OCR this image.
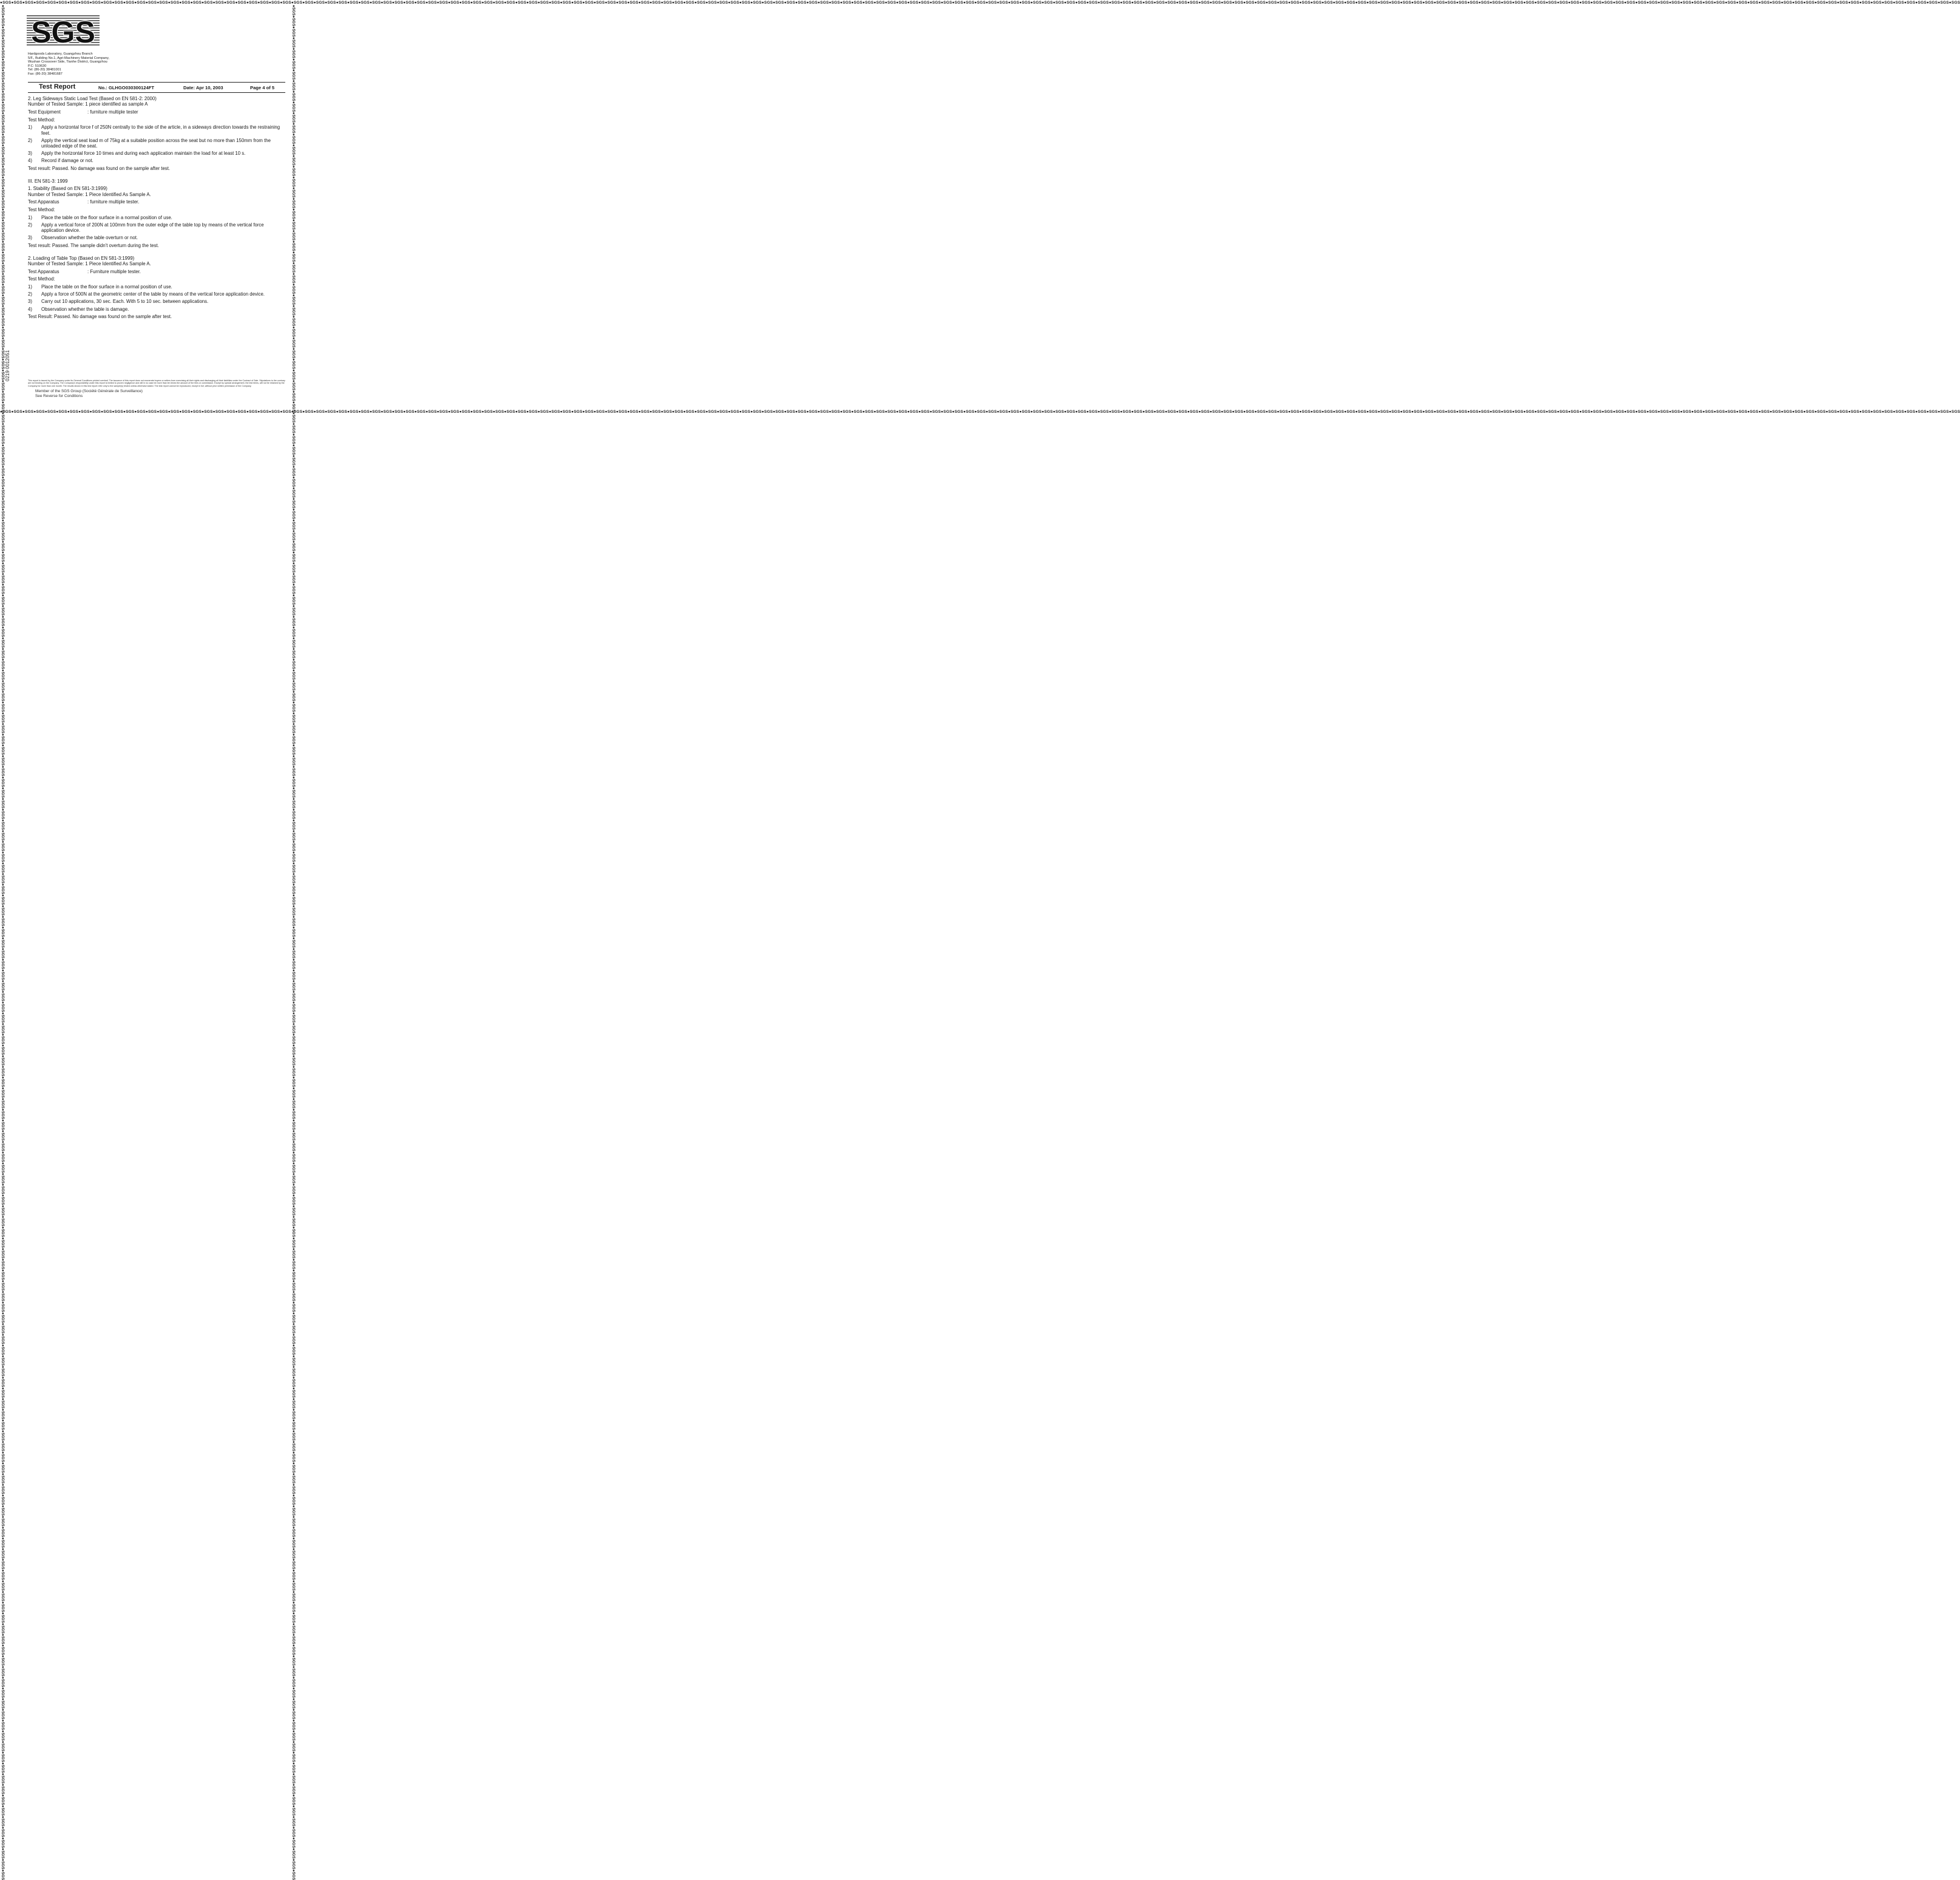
●SGS●SGS●SGS●SGS●SGS●SGS●SGS●SGS●SGS●SGS●SGS●SGS●SGS●SGS●SGS●SGS●SGS●SGS●SGS●SGS●SGS●SGS●SGS●SGS●SGS●SGS●SGS●SGS●SGS●SGS●SGS●SGS●SGS●SGS●SGS●SGS●SGS●SGS●SGS●SGS●SGS●SGS●SGS●SGS●SGS●SGS●SGS●SGS●SGS●SGS●SGS●SGS●SGS●SGS●SGS●SGS●SGS●SGS●SGS●SGS●SGS●SGS●SGS●SGS●SGS●SGS●SGS●SGS●SGS●SGS●SGS●SGS●SGS●SGS●SGS●SGS●SGS●SGS●SGS●SGS●SGS●SGS●SGS●SGS●SGS●SGS●SGS●SGS●SGS●SGS●SGS●SGS●SGS●SGS●SGS●SGS●SGS●SGS●SGS●SGS●SGS●SGS●SGS●SGS●SGS●SGS●SGS●SGS●SGS●SGS●SGS●SGS●SGS●SGS●SGS●SGS●SGS●SGS●SGS●SGS●SGS●SGS●SGS●SGS●SGS●SGS●SGS●SGS●SGS●SGS●SGS●SGS●SGS●SGS●SGS●SGS●SGS●SGS●SGS●SGS●SGS●SGS●SGS●SGS●SGS●SGS●SGS●SGS●SGS●SGS●SGS●SGS●SGS●SGS●SGS●SGS●SGS●SGS●SGS●SGS●SGS●SGS●SGS●SGS●SGS●SGS●SGS●SGS●SGS●SGS●SGS●SGS●SGS●SGS●SGS
●SGS●SGS●SGS●SGS●SGS●SGS●SGS●SGS●SGS●SGS●SGS●SGS●SGS●SGS●SGS●SGS●SGS●SGS●SGS●SGS●SGS●SGS●SGS●SGS●SGS●SGS●SGS●SGS●SGS●SGS●SGS●SGS●SGS●SGS●SGS●SGS●SGS●SGS●SGS●SGS●SGS●SGS●SGS●SGS●SGS●SGS●SGS●SGS●SGS●SGS●SGS●SGS●SGS●SGS●SGS●SGS●SGS●SGS●SGS●SGS●SGS●SGS●SGS●SGS●SGS●SGS●SGS●SGS●SGS●SGS●SGS●SGS●SGS●SGS●SGS●SGS●SGS●SGS●SGS●SGS●SGS●SGS●SGS●SGS●SGS●SGS●SGS●SGS●SGS●SGS●SGS●SGS●SGS●SGS●SGS●SGS●SGS●SGS●SGS●SGS●SGS●SGS●SGS●SGS●SGS●SGS●SGS●SGS●SGS●SGS●SGS●SGS●SGS●SGS●SGS●SGS●SGS●SGS●SGS●SGS●SGS●SGS●SGS●SGS●SGS●SGS●SGS●SGS●SGS●SGS●SGS●SGS●SGS●SGS●SGS●SGS●SGS●SGS●SGS●SGS●SGS●SGS●SGS●SGS●SGS●SGS●SGS●SGS●SGS●SGS●SGS●SGS●SGS●SGS●SGS●SGS●SGS●SGS●SGS●SGS●SGS●SGS●SGS●SGS●SGS●SGS●SGS●SGS●SGS●SGS●SGS●SGS●SGS●SGS●SGS
●SGS●SGS●SGS●SGS●SGS●SGS●SGS●SGS●SGS●SGS●SGS●SGS●SGS●SGS●SGS●SGS●SGS●SGS●SGS●SGS●SGS●SGS●SGS●SGS●SGS●SGS●SGS●SGS●SGS●SGS●SGS●SGS●SGS●SGS●SGS●SGS●SGS●SGS●SGS●SGS●SGS●SGS●SGS●SGS●SGS●SGS●SGS●SGS●SGS●SGS●SGS●SGS●SGS●SGS●SGS●SGS●SGS●SGS●SGS●SGS●SGS●SGS●SGS●SGS●SGS●SGS●SGS●SGS●SGS●SGS●SGS●SGS●SGS●SGS●SGS●SGS●SGS●SGS●SGS●SGS●SGS●SGS●SGS●SGS●SGS●SGS●SGS●SGS●SGS●SGS●SGS●SGS●SGS●SGS●SGS●SGS●SGS●SGS●SGS●SGS●SGS●SGS●SGS●SGS●SGS●SGS●SGS●SGS●SGS●SGS●SGS●SGS●SGS●SGS●SGS●SGS●SGS●SGS●SGS●SGS●SGS●SGS●SGS●SGS●SGS●SGS●SGS●SGS●SGS●SGS●SGS●SGS●SGS●SGS●SGS●SGS●SGS●SGS●SGS●SGS●SGS●SGS●SGS●SGS●SGS●SGS●SGS●SGS●SGS●SGS●SGS●SGS●SGS●SGS●SGS●SGS●SGS●SGS●SGS●SGS●SGS●SGS●SGS●SGS●SGS●SGS●SGS●SGS●SGS●SGS●SGS●SGS●SGS●SGS●SGS	●SGS●SGS●SGS●SGS●SGS●SGS●SGS●SGS●SGS●SGS●SGS●SGS●SGS●SGS●SGS●SGS●SGS●SGS●SGS●SGS●SGS●SGS●SGS●SGS●SGS●SGS●SGS●SGS●SGS●SGS●SGS●SGS●SGS●SGS●SGS●SGS●SGS●SGS●SGS●SGS●SGS●SGS●SGS●SGS●SGS●SGS●SGS●SGS●SGS●SGS●SGS●SGS●SGS●SGS●SGS●SGS●SGS●SGS●SGS●SGS●SGS●SGS●SGS●SGS●SGS●SGS●SGS●SGS●SGS●SGS●SGS●SGS●SGS●SGS●SGS●SGS●SGS●SGS●SGS●SGS●SGS●SGS●SGS●SGS●SGS●SGS●SGS●SGS●SGS●SGS●SGS●SGS●SGS●SGS●SGS●SGS●SGS●SGS●SGS●SGS●SGS●SGS●SGS●SGS●SGS●SGS●SGS●SGS●SGS●SGS●SGS●SGS●SGS●SGS●SGS●SGS●SGS●SGS●SGS●SGS●SGS●SGS●SGS●SGS●SGS●SGS●SGS●SGS●SGS●SGS●SGS●SGS●SGS●SGS●SGS●SGS●SGS●SGS●SGS●SGS●SGS●SGS●SGS●SGS●SGS●SGS●SGS●SGS●SGS●SGS●SGS●SGS●SGS●SGS●SGS●SGS●SGS●SGS●SGS●SGS●SGS●SGS●SGS●SGS●SGS●SGS●SGS●SGS●SGS●SGS●SGS●SGS●SGS●SGS●SGS
SGS
Hardgoods Laboratory, Guangzhou Branch
5/F., Building No.1, Agri-Machinery Material Company,
Wushan Crossover Side, Tianhe District, Guangzhou
P.C: 510630
Tel: (86-20) 38481001
Fax: (86-20) 38481687
Test Report	No.: GLHGO030300124FT	Date: Apr 10, 2003	Page 4 of 5

2. Leg Sideways Static Load Test (Based on EN 581-2: 2000)

Number of Tested Sample: 1 piece identified as sample A

Test Equipment	: furniture multiple tester

Test Method:

1)	Apply a horizontal force f of 250N centrally to the side of the article, in a sideways direction towards the restraining feet.
2)	Apply the vertical seat load m of 75kg at a suitable position across the seat but no more than 150mm from the unloaded edge of the seat.
3)	Apply the horizontal force 10 times and during each application maintain the load for at least 10 s.
4)	Record if damage or not.

Test result: Passed. No damage was found on the sample after test.

III. EN 581-3: 1999

1. Stability (Based on EN 581-3:1999)

Number of Tested Sample: 1 Piece Identified As Sample A.

Test Apparatus	: furniture multiple tester.

Test Method:

1)	Place the table on the floor surface in a normal position of use.
2)	Apply a vertical force of 200N at 100mm from the outer edge of the table top by means of the vertical force application device.
3)	Observation whether the table overturn or not.

Test result: Passed. The sample didn't overturn during the test.

2. Loading of Table Top (Based on EN 581-3:1999)

Number of Tested Sample: 1 Piece Identified As Sample A.

Test Apparatus	: Furniture multiple tester.

Test Method:

1)	Place the table on the floor surface in a normal position of use.
2)	Apply a force of 500N at the geometric center of the table by means of the vertical force application device.
3)	Carry out 10 applications, 30 sec. Each. With 5 to 10 sec. between applications.
4)	Observation whether the table is damage.

Test Result: Passed. No damage was found on the sample after test.

This report is issued by the Company under its General Conditions printed overleaf. The issuance of this report does not exonerate buyers or sellers from exercising all their rights and discharging all their liabilities under the Contract of Sale. Stipulations to the contrary are not binding on the Company. The Company's responsibility under this report is limited to proven negligence and will in no case be more than ten times the amount of the fees or commission. Except by special arrangement, the test items, will not be retained by the Company for more than one month. The results shown in this test report refer only to the sample(s) tested unless otherwise stated. The test report cannot be reproduced, except in full, without prior written permission of the Company.
Member of the SGS Group (Société Générale de Surveillance)
See Reverse for Conditions
0219 0012051
